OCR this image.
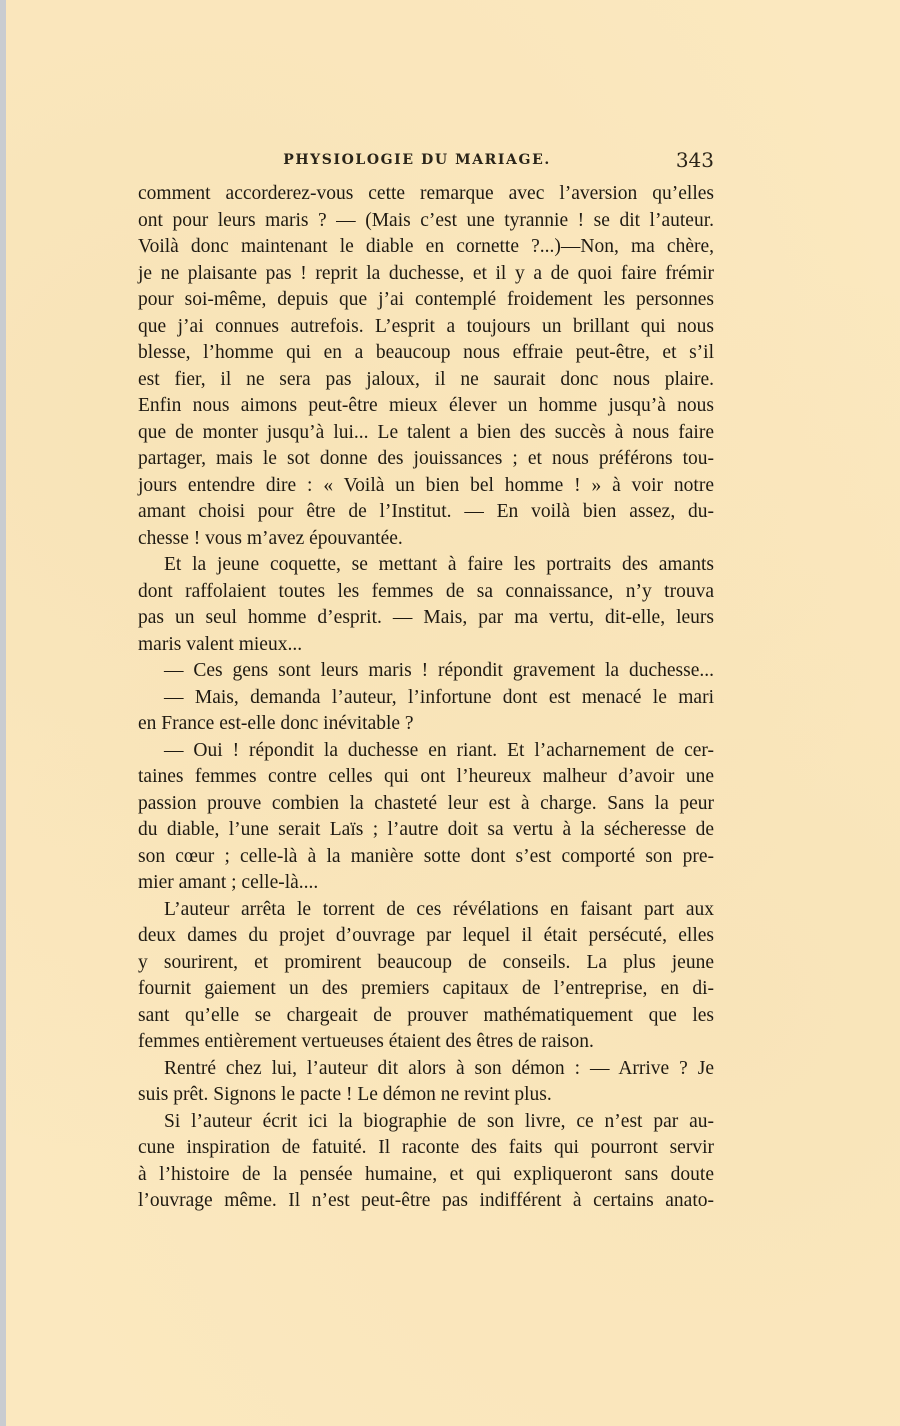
PHYSIOLOGIE DU MARIAGE.	343
comment accorderez-vous cette remarque avec l’aversion qu’elles
ont pour leurs maris ? — (Mais c’est une tyrannie ! se dit l’auteur.
Voilà donc maintenant le diable en cornette ?...)—Non, ma chère,
je ne plaisante pas ! reprit la duchesse, et il y a de quoi faire frémir
pour soi-même, depuis que j’ai contemplé froidement les personnes
que j’ai connues autrefois. L’esprit a toujours un brillant qui nous
blesse, l’homme qui en a beaucoup nous effraie peut-être, et s’il
est fier, il ne sera pas jaloux, il ne saurait donc nous plaire.
Enfin nous aimons peut-être mieux élever un homme jusqu’à nous
que de monter jusqu’à lui... Le talent a bien des succès à nous faire
partager, mais le sot donne des jouissances ; et nous préférons tou-
jours entendre dire : « Voilà un bien bel homme ! » à voir notre
amant choisi pour être de l’Institut. — En voilà bien assez, du-
chesse ! vous m’avez épouvantée.
Et la jeune coquette, se mettant à faire les portraits des amants
dont raffolaient toutes les femmes de sa connaissance, n’y trouva
pas un seul homme d’esprit. — Mais, par ma vertu, dit-elle, leurs
maris valent mieux...
— Ces gens sont leurs maris ! répondit gravement la duchesse...
— Mais, demanda l’auteur, l’infortune dont est menacé le mari
en France est-elle donc inévitable ?
— Oui ! répondit la duchesse en riant. Et l’acharnement de cer-
taines femmes contre celles qui ont l’heureux malheur d’avoir une
passion prouve combien la chasteté leur est à charge. Sans la peur
du diable, l’une serait Laïs ; l’autre doit sa vertu à la sécheresse de
son cœur ; celle-là à la manière sotte dont s’est comporté son pre-
mier amant ; celle-là....
L’auteur arrêta le torrent de ces révélations en faisant part aux
deux dames du projet d’ouvrage par lequel il était persécuté, elles
y sourirent, et promirent beaucoup de conseils. La plus jeune
fournit gaiement un des premiers capitaux de l’entreprise, en di-
sant qu’elle se chargeait de prouver mathématiquement que les
femmes entièrement vertueuses étaient des êtres de raison.
Rentré chez lui, l’auteur dit alors à son démon : — Arrive ? Je
suis prêt. Signons le pacte ! Le démon ne revint plus.
Si l’auteur écrit ici la biographie de son livre, ce n’est par au-
cune inspiration de fatuité. Il raconte des faits qui pourront servir
à l’histoire de la pensée humaine, et qui expliqueront sans doute
l’ouvrage même. Il n’est peut-être pas indifférent à certains anato-
